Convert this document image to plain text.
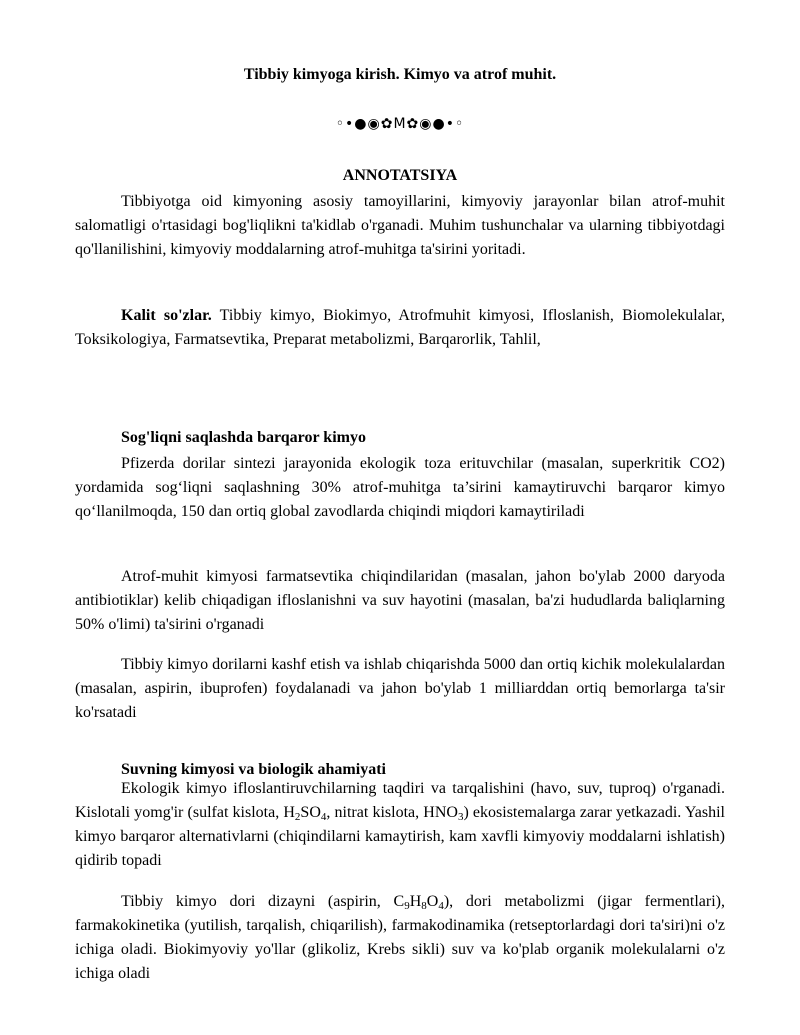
Tibbiy kimyoga kirish. Kimyo va atrof muhit.
◦•●◉✿M✿◉●•◦
ANNOTATSIYA

Tibbiyotga oid kimyoning asosiy tamoyillarini, kimyoviy jarayonlar bilan atrof-muhit salomatligi o'rtasidagi bog'liqlikni ta'kidlab o'rganadi. Muhim tushunchalar va ularning tibbiyotdagi qo'llanilishini, kimyoviy moddalarning atrof-muhitga ta'sirini yoritadi.

Kalit so'zlar. Tibbiy kimyo, Biokimyo, Atrofmuhit kimyosi, Ifloslanish, Biomolekulalar, Toksikologiya, Farmatsevtika, Preparat metabolizmi, Barqarorlik, Tahlil,

Sog'liqni saqlashda barqaror kimyo

Pfizerda dorilar sintezi jarayonida ekologik toza erituvchilar (masalan, superkritik CO2) yordamida sog‘liqni saqlashning 30% atrof-muhitga ta’sirini kamaytiruvchi barqaror kimyo qo‘llanilmoqda, 150 dan ortiq global zavodlarda chiqindi miqdori kamaytiriladi

Atrof-muhit kimyosi farmatsevtika chiqindilaridan (masalan, jahon bo'ylab 2000 daryoda antibiotiklar) kelib chiqadigan ifloslanishni va suv hayotini (masalan, ba'zi hududlarda baliqlarning 50% o'limi) ta'sirini o'rganadi

Tibbiy kimyo dorilarni kashf etish va ishlab chiqarishda 5000 dan ortiq kichik molekulalardan (masalan, aspirin, ibuprofen) foydalanadi va jahon bo'ylab 1 milliarddan ortiq bemorlarga ta'sir ko'rsatadi

Suvning kimyosi va biologik ahamiyati

Ekologik kimyo ifloslantiruvchilarning taqdiri va tarqalishini (havo, suv, tuproq) o'rganadi. Kislotali yomg'ir (sulfat kislota, $H_2SO_4$, nitrat kislota, $HNO_3$) ekosistemalarga zarar yetkazadi. Yashil kimyo barqaror alternativlarni (chiqindilarni kamaytirish, kam xavfli kimyoviy moddalarni ishlatish) qidirib topadi

Tibbiy kimyo dori dizayni (aspirin, $C_9H_8O_4$), dori metabolizmi (jigar fermentlari), farmakokinetika (yutilish, tarqalish, chiqarilish), farmakodinamika (retseptorlardagi dori ta'siri)ni o'z ichiga oladi. Biokimyoviy yo'llar (glikoliz, Krebs sikli) suv va ko'plab organik molekulalarni o'z ichiga oladi
